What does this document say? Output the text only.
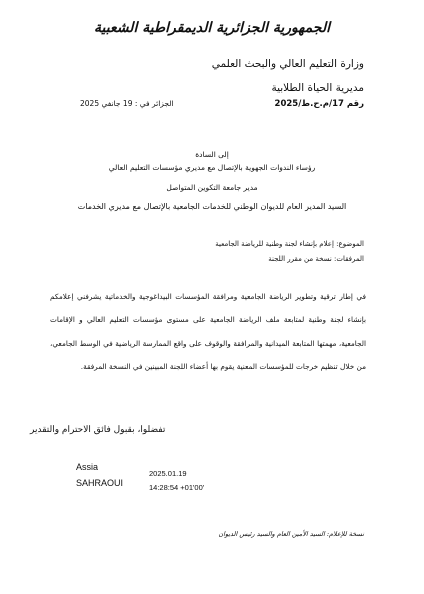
الجمهورية الجزائرية الديمقراطية الشعبية
وزارة التعليم العالي والبحث العلمي
مديرية الحياة الطلابية
رقم 17/م.ح.ط/2025
الجزائر في : 19 جانفي 2025
إلى السادة
رؤساء الندوات الجهوية بالإتصال مع مديري مؤسسات التعليم العالي
مدير جامعة التكوين المتواصل
السيد المدير العام للديوان الوطني للخدمات الجامعية بالإتصال مع مديري الخدمات
الموضوع: إعلام بإنشاء لجنة وطنية للرياضة الجامعية
المرفقات: نسخة من مقرر اللجنة
في إطار ترقية وتطوير الرياضة الجامعية ومرافقة المؤسسات البيداغوجية والخدماتية يشرفني إعلامكم بإنشاء لجنة وطنية لمتابعة ملف الرياضة الجامعية على مستوى مؤسسات التعليم العالي و الإقامات الجامعية، مهمتها المتابعة الميدانية والمرافقة والوقوف على واقع الممارسة الرياضية في الوسط الجامعي، من خلال تنظيم خرجات للمؤسسات المعنية يقوم بها أعضاء اللجنة المبينين في النسخة المرفقة.
تفضلوا، بقبول فائق الاحترام والتقدير
Assia
SAHRAOUI
2025.01.19
14:28:54 +01'00'
نسخة للإعلام: السيد الأمين العام والسيد رئيس الديوان
